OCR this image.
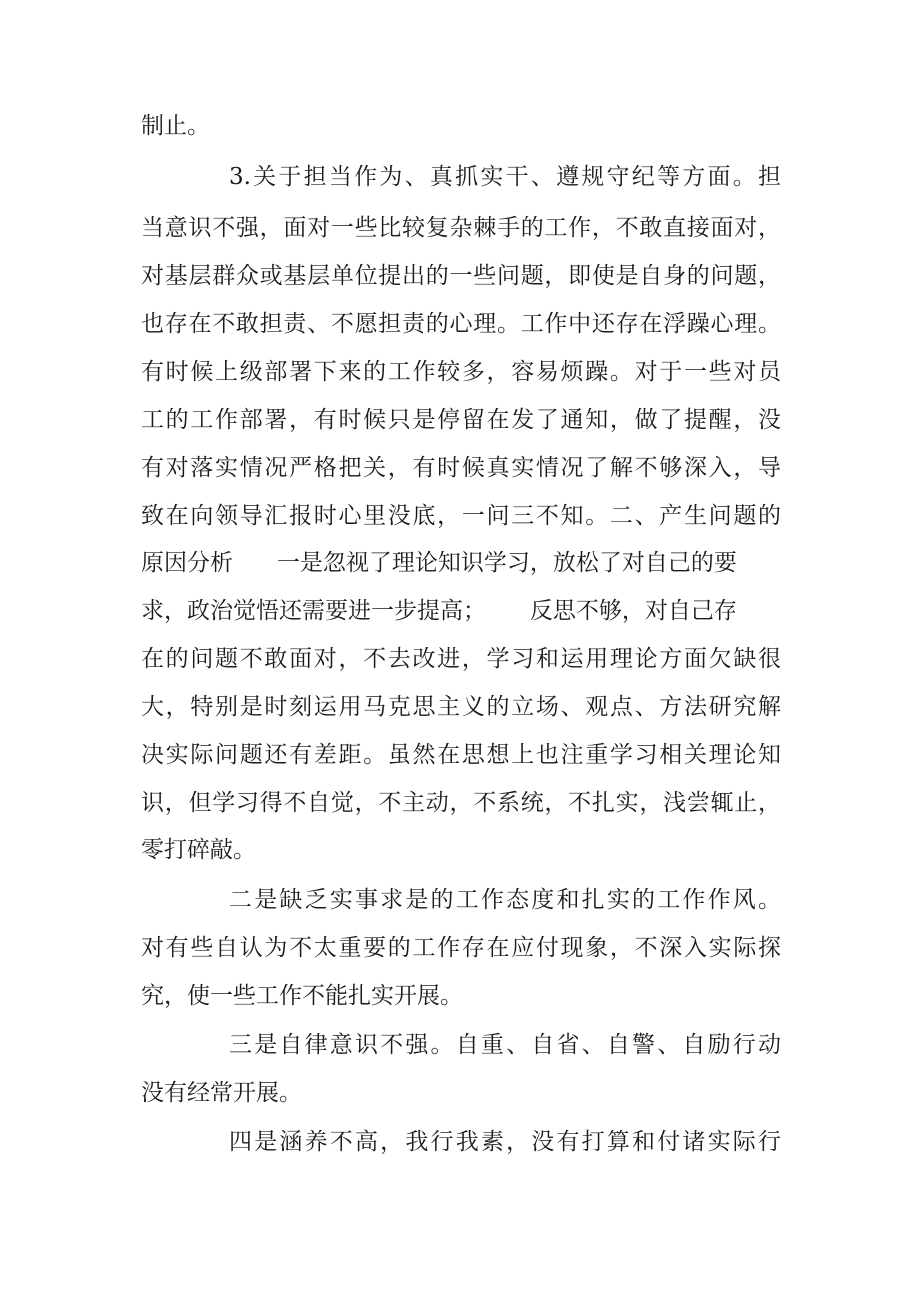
制止。
3.关于担当作为、真抓实干、遵规守纪等方面。担
当意识不强，面对一些比较复杂棘手的工作，不敢直接面对，
对基层群众或基层单位提出的一些问题，即使是自身的问题，
也存在不敢担责、不愿担责的心理。工作中还存在浮躁心理。
有时候上级部署下来的工作较多，容易烦躁。对于一些对员
工的工作部署，有时候只是停留在发了通知，做了提醒，没
有对落实情况严格把关，有时候真实情况了解不够深入，导
致在向领导汇报时心里没底，一问三不知。二、产生问题的
原因分析      一是忽视了理论知识学习，放松了对自己的要
求，政治觉悟还需要进一步提高；      反思不够，对自己存
在的问题不敢面对，不去改进，学习和运用理论方面欠缺很
大，特别是时刻运用马克思主义的立场、观点、方法研究解
决实际问题还有差距。虽然在思想上也注重学习相关理论知
识，但学习得不自觉，不主动，不系统，不扎实，浅尝辄止，
零打碎敲。
二是缺乏实事求是的工作态度和扎实的工作作风。
对有些自认为不太重要的工作存在应付现象，不深入实际探
究，使一些工作不能扎实开展。
三是自律意识不强。自重、自省、自警、自励行动
没有经常开展。
四是涵养不高，我行我素，没有打算和付诸实际行
